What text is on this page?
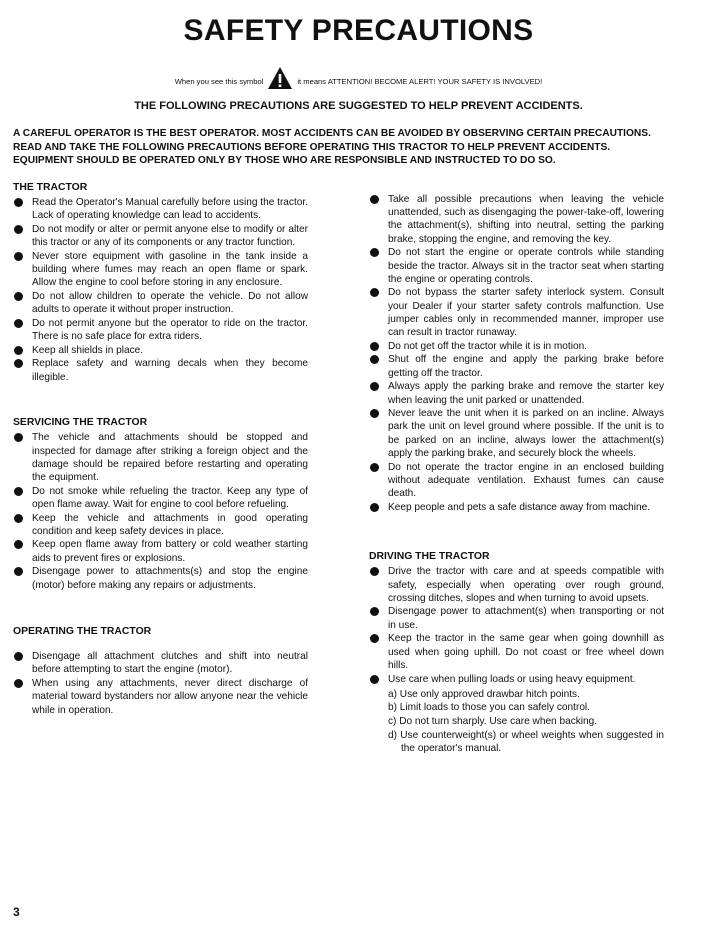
SAFETY PRECAUTIONS
When you see this symbol	it means ATTENTION! BECOME ALERT! YOUR SAFETY IS INVOLVED!
THE FOLLOWING PRECAUTIONS ARE SUGGESTED TO HELP PREVENT ACCIDENTS.

A CAREFUL OPERATOR IS THE BEST OPERATOR. MOST ACCIDENTS CAN BE AVOIDED BY OBSERVING CERTAIN PRECAUTIONS. READ AND TAKE THE FOLLOWING PRECAUTIONS BEFORE OPERATING THIS TRACTOR TO HELP PREVENT ACCIDENTS. EQUIPMENT SHOULD BE OPERATED ONLY BY THOSE WHO ARE RESPONSIBLE AND INSTRUCTED TO DO SO.

THE TRACTOR
Read the Operator's Manual carefully before using the tractor. Lack of operating knowledge can lead to accidents.
Do not modify or alter or permit anyone else to modify or alter this tractor or any of its components or any tractor function.
Never store equipment with gasoline in the tank inside a building where fumes may reach an open flame or spark. Allow the engine to cool before storing in any enclosure.
Do not allow children to operate the vehicle. Do not allow adults to operate it without proper instruction.
Do not permit anyone but the operator to ride on the tractor. There is no safe place for extra riders.
Keep all shields in place.
Replace safety and warning decals when they become illegible.
SERVICING THE TRACTOR
The vehicle and attachments should be stopped and inspected for damage after striking a foreign object and the damage should be repaired before restarting and operating the equipment.
Do not smoke while refueling the tractor. Keep any type of open flame away. Wait for engine to cool before refueling.
Keep the vehicle and attachments in good operating condition and keep safety devices in place.
Keep open flame away from battery or cold weather starting aids to prevent fires or explosions.
Disengage power to attachments(s) and stop the engine (motor) before making any repairs or adjustments.
OPERATING THE TRACTOR
Disengage all attachment clutches and shift into neutral before attempting to start the engine (motor).
When using any attachments, never direct discharge of material toward bystanders nor allow anyone near the vehicle while in operation.
Take all possible precautions when leaving the vehicle unattended, such as disengaging the power-take-off, lowering the attachment(s), shifting into neutral, setting the parking brake, stopping the engine, and removing the key.
Do not start the engine or operate controls while standing beside the tractor. Always sit in the tractor seat when starting the engine or operating controls.
Do not bypass the starter safety interlock system. Consult your Dealer if your starter safety controls malfunction. Use jumper cables only in recommended manner, improper use can result in tractor runaway.
Do not get off the tractor while it is in motion.
Shut off the engine and apply the parking brake before getting off the tractor.
Always apply the parking brake and remove the starter key when leaving the unit parked or unattended.
Never leave the unit when it is parked on an incline. Always park the unit on level ground where possible. If the unit is to be parked on an incline, always lower the attachment(s) apply the parking brake, and securely block the wheels.
Do not operate the tractor engine in an enclosed building without adequate ventilation. Exhaust fumes can cause death.
Keep people and pets a safe distance away from machine.
DRIVING THE TRACTOR
Drive the tractor with care and at speeds compatible with safety, especially when operating over rough ground, crossing ditches, slopes and when turning to avoid upsets.
Disengage power to attachment(s) when transporting or not in use.
Keep the tractor in the same gear when going downhill as used when going uphill. Do not coast or free wheel down hills.
Use care when pulling loads or using heavy equipment.
a) Use only approved drawbar hitch points.
b) Limit loads to those you can safely control.
c) Do not turn sharply. Use care when backing.
d) Use counterweight(s) or wheel weights when suggested in the operator's manual.
3
